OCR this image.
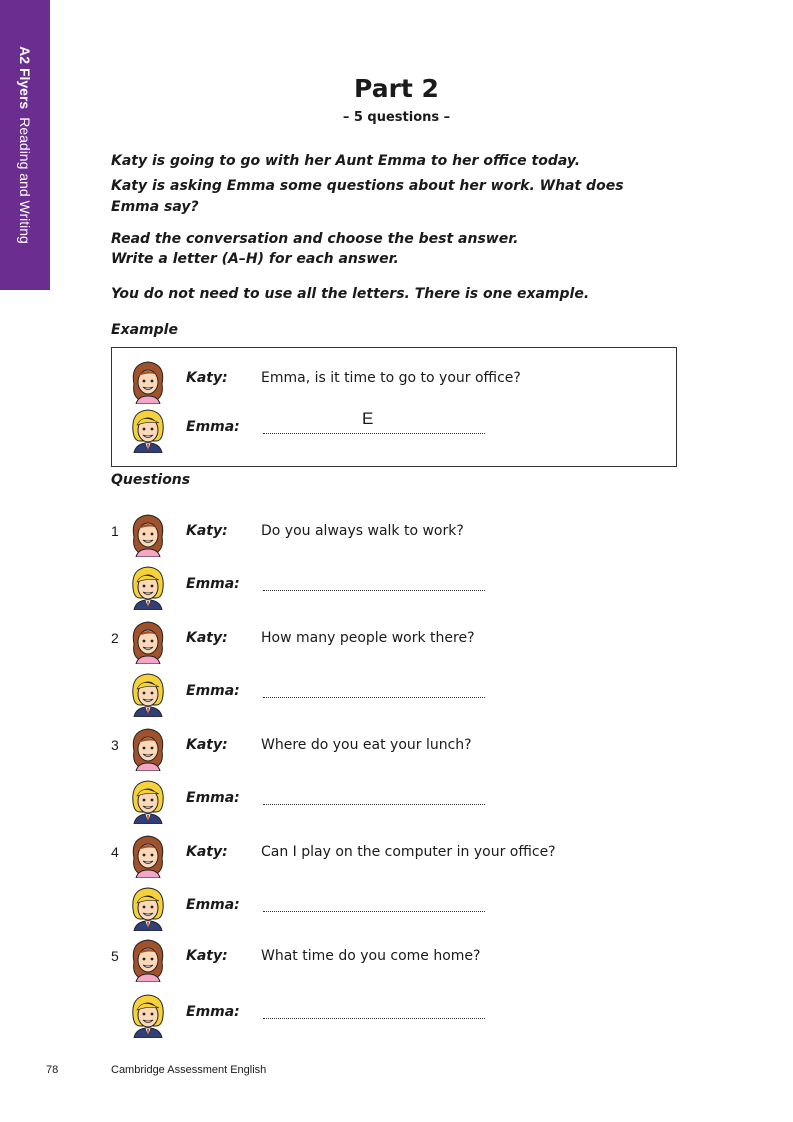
A2 FlyersReading and Writing
Part 2
– 5 questions –
Katy is going to go with her Aunt Emma to her office today.
Katy is asking Emma some questions about her work. What does
Emma say?
Read the conversation and choose the best answer.
Write a letter (A–H) for each answer.
You do not need to use all the letters. There is one example.
Example
Katy: Emma, is it time to go to your office?
Emma:	E
Questions
1	Katy: Do you always walk to work?
Emma:
2	Katy: How many people work there?
Emma:
3	Katy: Where do you eat your lunch?
Emma:
4	Katy: Can I play on the computer in your office?
Emma:
5	Katy: What time do you come home?
Emma:
78	Cambridge Assessment English
